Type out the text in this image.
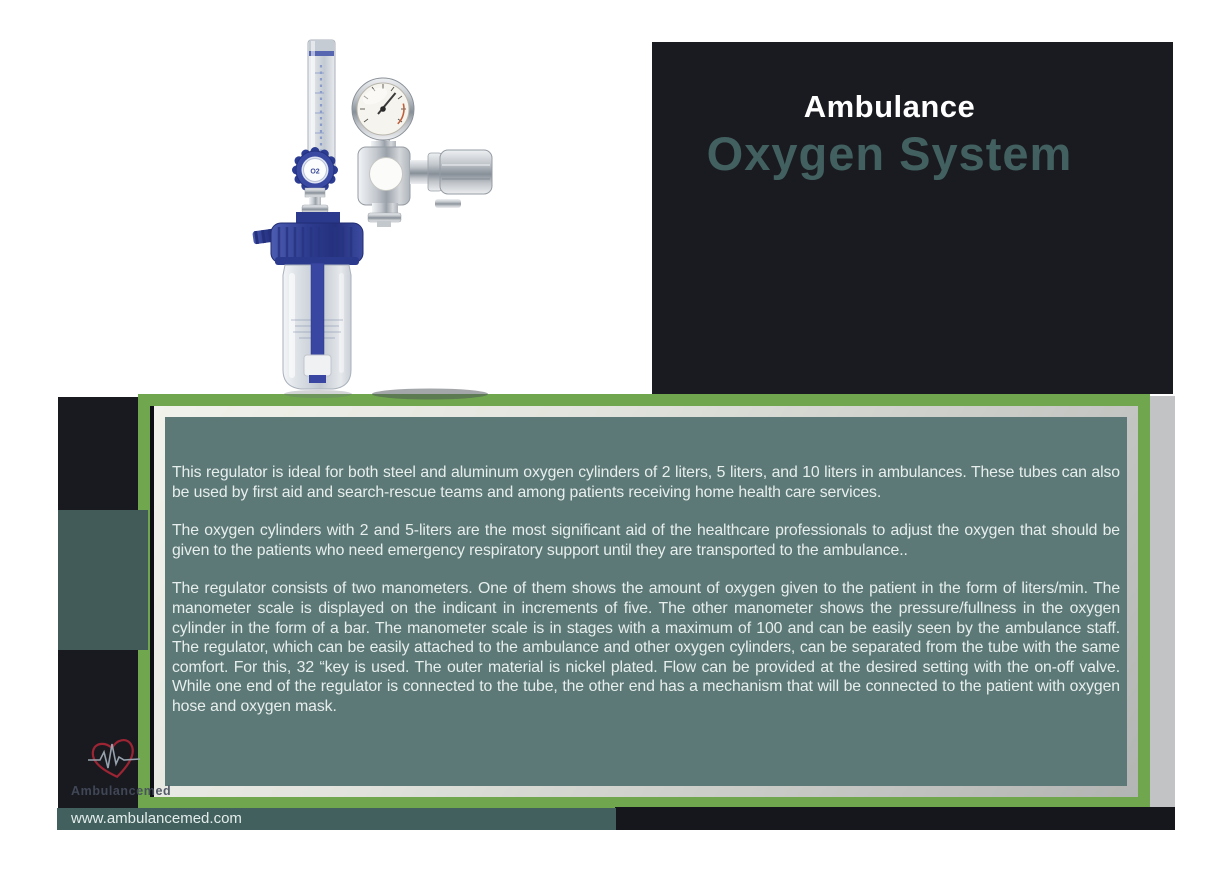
O2
Ambulance
Oxygen System

This regulator is ideal for both steel and aluminum oxygen cylinders of 2 liters, 5 liters, and 10 liters in ambulances. These tubes can also be used by first aid and search-rescue teams and among patients receiving home health care services.

The oxygen cylinders with 2 and 5-liters are the most significant aid of the healthcare professionals to adjust the oxygen that should be given to the patients who need emergency respiratory support until they are transported to the ambulance..

The regulator consists of two manometers. One of them shows the amount of oxygen given to the patient in the form of liters/min. The manometer scale is displayed on the indicant in increments of five. The other manometer shows the pressure/fullness in the oxygen cylinder in the form of a bar. The manometer scale is in stages with a maximum of 100 and can be easily seen by the ambulance staff. The regulator, which can be easily attached to the ambulance and other oxygen cylinders, can be separated from the tube with the same comfort. For this, 32 “key is used. The outer material is nickel plated. Flow can be provided at the desired setting with the on-off valve. While one end of the regulator is connected to the tube, the other end has a mechanism that will be connected to the patient with oxygen hose and oxygen mask.

www.ambulancemed.com
Ambulancemed
